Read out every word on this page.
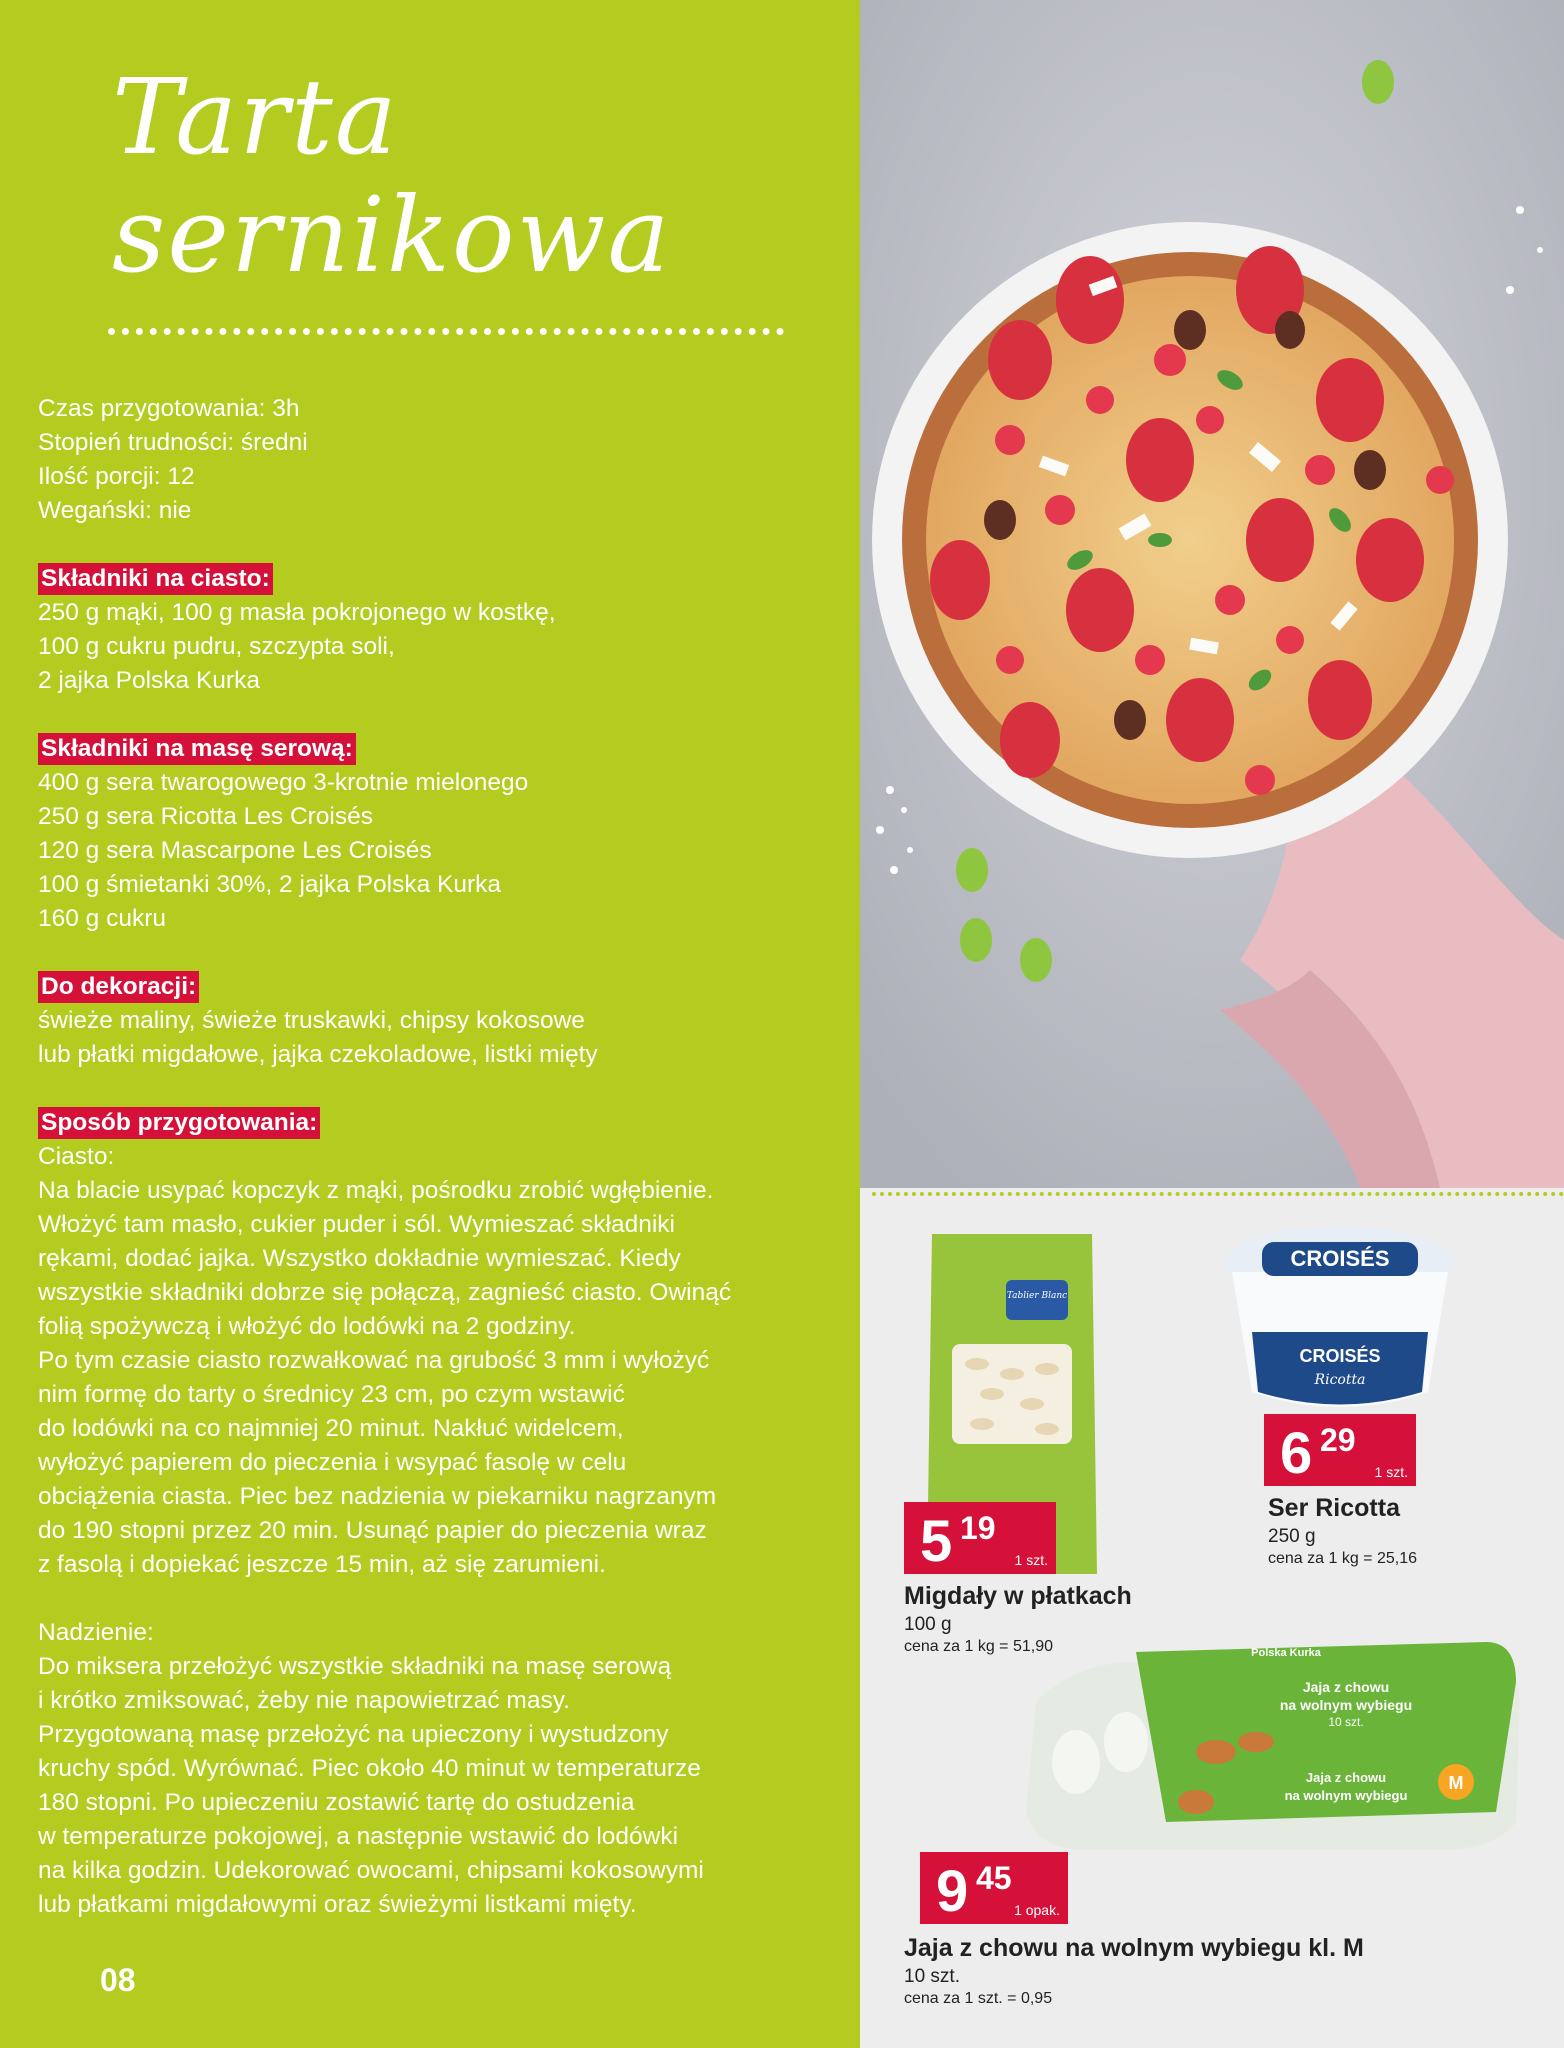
Tarta
sernikowa

Czas przygotowania: 3h

Stopień trudności: średni

Ilość porcji: 12

Wegański: nie

Składniki na ciasto:

250 g mąki, 100 g masła pokrojonego w kostkę,

100 g cukru pudru, szczypta soli,

2 jajka Polska Kurka

Składniki na masę serową:

400 g sera twarogowego 3-krotnie mielonego

250 g sera Ricotta Les Croisés

120 g sera Mascarpone Les Croisés

100 g śmietanki 30%, 2 jajka Polska Kurka

160 g cukru

Do dekoracji:

świeże maliny, świeże truskawki, chipsy kokosowe

lub płatki migdałowe, jajka czekoladowe, listki mięty

Sposób przygotowania:

Ciasto:

Na blacie usypać kopczyk z mąki, pośrodku zrobić wgłębienie.

Włożyć tam masło, cukier puder i sól. Wymieszać składniki

rękami, dodać jajka. Wszystko dokładnie wymieszać. Kiedy

wszystkie składniki dobrze się połączą, zagnieść ciasto. Owinąć

folią spożywczą i włożyć do lodówki na 2 godziny.

Po tym czasie ciasto rozwałkować na grubość 3 mm i wyłożyć

nim formę do tarty o średnicy 23 cm, po czym wstawić

do lodówki na co najmniej 20 minut. Nakłuć widelcem,

wyłożyć papierem do pieczenia i wsypać fasolę w celu

obciążenia ciasta. Piec bez nadzienia w piekarniku nagrzanym

do 190 stopni przez 20 min. Usunąć papier do pieczenia wraz

z fasolą i dopiekać jeszcze 15 min, aż się zarumieni.

Nadzienie:

Do miksera przełożyć wszystkie składniki na masę serową

i krótko zmiksować, żeby nie napowietrzać masy.

Przygotowaną masę przełożyć na upieczony i wystudzony

kruchy spód. Wyrównać. Piec około 40 minut w temperaturze

180 stopni. Po upieczeniu zostawić tartę do ostudzenia

w temperaturze pokojowej, a następnie wstawić do lodówki

na kilka godzin. Udekorować owocami, chipsami kokosowymi

lub płatkami migdałowymi oraz świeżymi listkami mięty.

08
Tablier Blanc
CROISÉS
CROISÉS
Ricotta
Jaja z chowu
na wolnym wybiegu
10 szt.
Polska Kurka
Jaja z chowu
na wolnym wybiegu
M
5 19
1 szt.
Migdały w płatkach
100 g
cena za 1 kg = 51,90
6 29
1 szt.
Ser Ricotta
250 g
cena za 1 kg = 25,16
9 45
1 opak.
Jaja z chowu na wolnym wybiegu kl. M
10 szt.
cena za 1 szt. = 0,95
